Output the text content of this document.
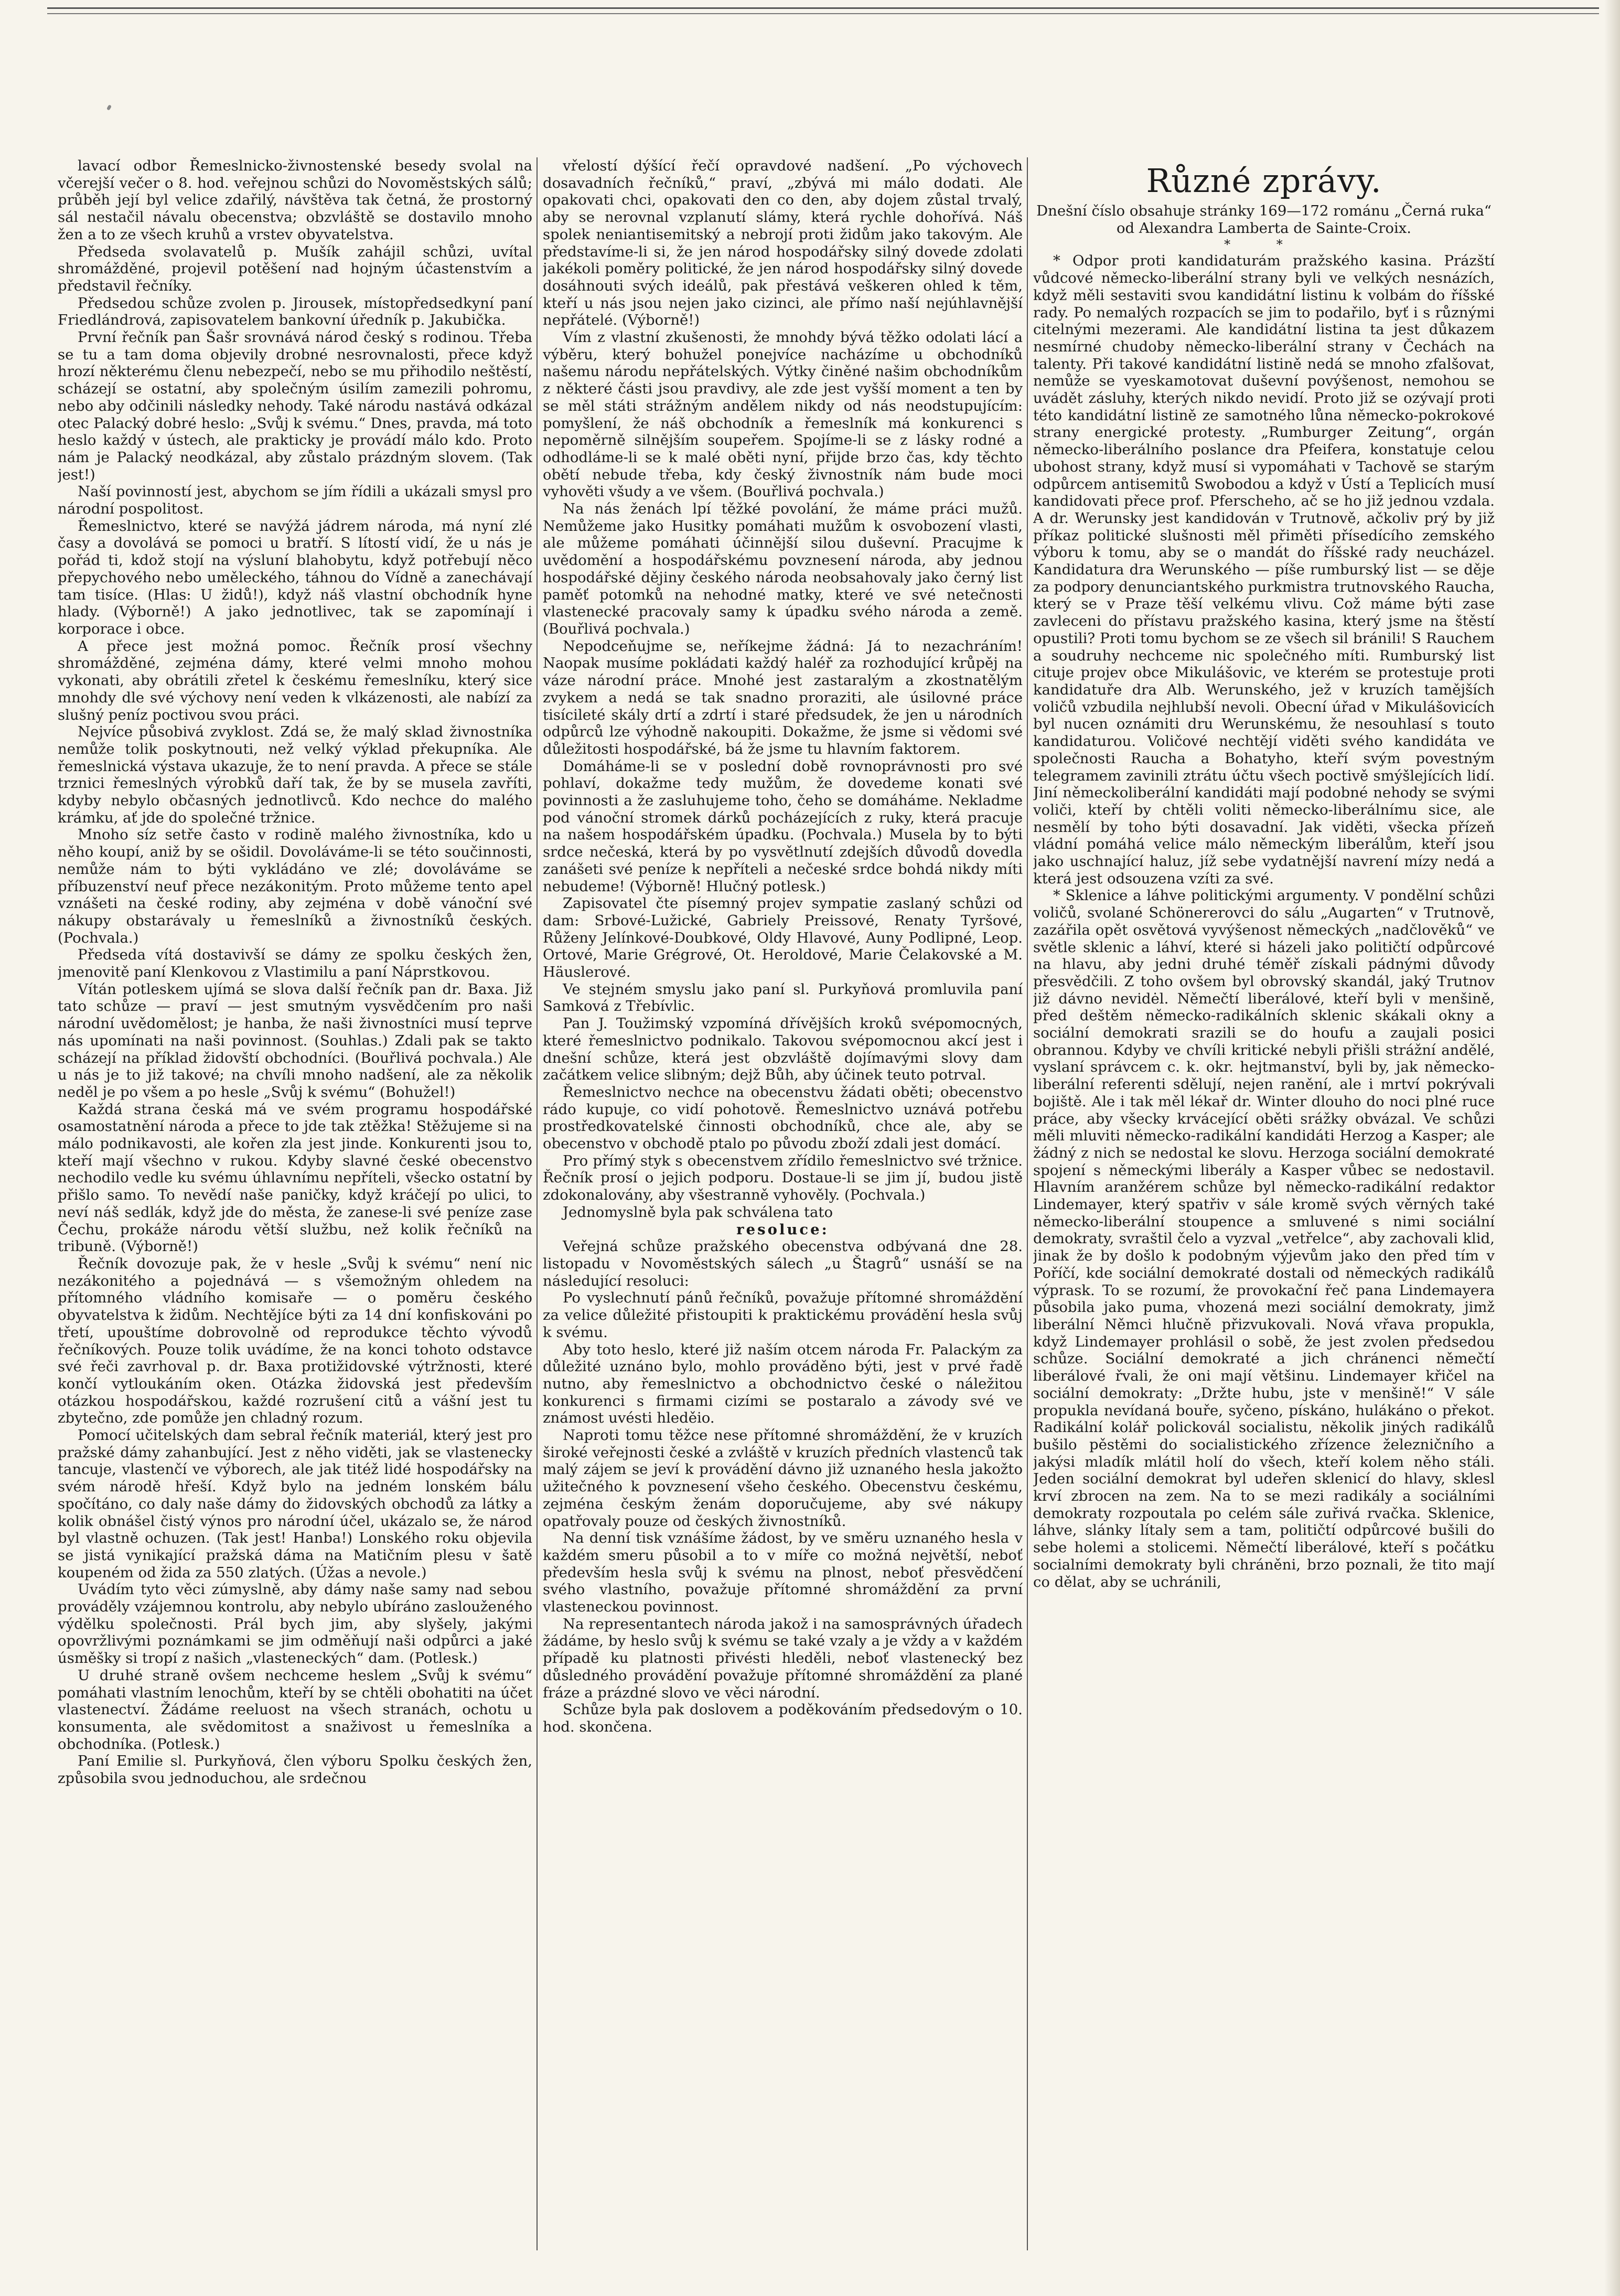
lavací odbor Řemeslnicko-živnostenské besedy svolal na včerejší večer o 8. hod. veřejnou schůzi do Novoměstských sálů; průběh její byl velice zdařilý, návštěva tak četná, že prostorný sál nestačil návalu obecenstva; obzvláště se dostavilo mnoho žen a to ze všech kruhů a vrstev obyvatelstva.

Předseda svolavatelů p. Mušík zahájil schůzi, uvítal shromážděné, projevil potěšení nad hojným účastenstvím a představil řečníky.

Předsedou schůze zvolen p. Jirousek, místopředsedkyní paní Friedlándrová, zapisovatelem bankovní úředník p. Jakubička.

První řečník pan Šašr srovnává národ český s rodinou. Třeba se tu a tam doma objevily drobné nesrovnalosti, přece když hrozí některému členu nebezpečí, nebo se mu přihodilo neštěstí, scházejí se ostatní, aby společným úsilím zamezili pohromu, nebo aby odčinili následky nehody. Také národu nastává odkázal otec Palacký dobré heslo: „Svůj k svému.“ Dnes, pravda, má toto heslo každý v ústech, ale prakticky je provádí málo kdo. Proto nám je Palacký neodkázal, aby zůstalo prázdným slovem. (Tak jest!)

Naší povinností jest, abychom se jím řídili a ukázali smysl pro národní pospolitost.

Řemeslnictvo, které se navýžá jádrem národa, má nyní zlé časy a dovolává se pomoci u bratří. S lítostí vidí, že u nás je pořád ti, kdož stojí na výsluní blahobytu, když potřebují něco přepychového nebo uměleckého, táhnou do Vídně a zanechávají tam tisíce. (Hlas: U židů!), když náš vlastní obchodník hyne hlady. (Výborně!) A jako jednotlivec, tak se zapomínají i korporace i obce.

A přece jest možná pomoc. Řečník prosí všechny shromážděné, zejména dámy, které velmi mnoho mohou vykonati, aby obrátili zřetel k českému řemeslníku, který sice mnohdy dle své výchovy není veden k vlkázenosti, ale nabízí za slušný peníz poctivou svou práci.

Nejvíce působivá zvyklost. Zdá se, že malý sklad živnostníka nemůže tolik poskytnouti, než velký výklad překupníka. Ale řemeslnická výstava ukazuje, že to není pravda. A přece se stále trznici řemeslných výrobků daří tak, že by se musela zavříti, kdyby nebylo občasných jednotlivců. Kdo nechce do malého krámku, ať jde do společné tržnice.

Mnoho síz setře často v rodině malého živnostníka, kdo u něho koupí, aniž by se ošidil. Dovoláváme-li se této součinnosti, nemůže nám to býti vykládáno ve zlé; dovoláváme se příbuzenství neuf přece nezákonitým. Proto můžeme tento apel vznášeti na české rodiny, aby zejména v době vánoční své nákupy obstarávaly u řemeslníků a živnostníků českých. (Pochvala.)

Předseda vítá dostavivší se dámy ze spolku českých žen, jmenovitě paní Klenkovou z Vlastimilu a paní Náprstkovou.

Vítán potleskem ujímá se slova další řečník pan dr. Baxa. Již tato schůze — praví — jest smutným vysvědčením pro naši národní uvědomělost; je hanba, že naši živnostníci musí teprve nás upomínati na naši povinnost. (Souhlas.) Zdali pak se takto scházejí na příklad židovští obchodníci. (Bouřlivá pochvala.) Ale u nás je to již takové; na chvíli mnoho nadšení, ale za několik neděl je po všem a po hesle „Svůj k svému“ (Bohužel!)

Každá strana česká má ve svém programu hospodářské osamostatnění národa a přece to jde tak ztěžka! Stěžujeme si na málo podnikavosti, ale kořen zla jest jinde. Konkurenti jsou to, kteří mají všechno v rukou. Kdyby slavné české obecenstvo nechodilo vedle ku svému úhlavnímu nepříteli, všecko ostatní by přišlo samo. To nevědí naše paničky, když kráčejí po ulici, to neví náš sedlák, když jde do města, že zanese-li své peníze zase Čechu, prokáže národu větší službu, než kolik řečníků na tribuně. (Výborně!)

Řečník dovozuje pak, že v hesle „Svůj k svému“ není nic nezákonitého a pojednává — s všemožným ohledem na přítomného vládního komisaře — o poměru českého obyvatelstva k židům. Nechtějíce býti za 14 dní konfiskováni po třetí, upouštíme dobrovolně od reprodukce těchto vývodů řečníkových. Pouze tolik uvádíme, že na konci tohoto odstavce své řeči zavrhoval p. dr. Baxa protižidovské výtržnosti, které končí vytloukáním oken. Otázka židovská jest především otázkou hospodářskou, každé rozrušení citů a vášní jest tu zbytečno, zde pomůže jen chladný rozum.

Pomocí učitelských dam sebral řečník materiál, který jest pro pražské dámy zahanbující. Jest z něho viděti, jak se vlastenecky tancuje, vlastenčí ve výborech, ale jak titéž lidé hospodářsky na svém národě hřeší. Když bylo na jedném lonském bálu spočítáno, co daly naše dámy do židovských obchodů za látky a kolik obnášel čistý výnos pro národní účel, ukázalo se, že národ byl vlastně ochuzen. (Tak jest! Hanba!) Lonského roku objevila se jistá vynikající pražská dáma na Matičním plesu v šatě koupeném od žida za 550 zlatých. (Úžas a nevole.)

Uvádím tyto věci zúmyslně, aby dámy naše samy nad sebou prováděly vzájemnou kontrolu, aby nebylo ubíráno zaslouženého výdělku společnosti. Prál bych jim, aby slyšely, jakými opovržlivými poznámkami se jim odměňují naši odpůrci a jaké úsměšky si tropí z našich „vlasteneckých“ dam. (Potlesk.)

U druhé straně ovšem nechceme heslem „Svůj k svému“ pomáhati vlastním lenochům, kteří by se chtěli obohatiti na účet vlastenectví. Žádáme reeluost na všech stranách, ochotu u konsumenta, ale svědomitost a snaživost u řemeslníka a obchodníka. (Potlesk.)

Paní Emilie sl. Purkyňová, člen výboru Spolku českých žen, způsobila svou jednoduchou, ale srdečnou

vřelostí dýšící řečí opravdové nadšení. „Po výchovech dosavadních řečníků,“ praví, „zbývá mi málo dodati. Ale opakovati chci, opakovati den co den, aby dojem zůstal trvalý, aby se nerovnal vzplanutí slámy, která rychle dohořívá. Náš spolek neniantisemitský a nebrojí proti židům jako takovým. Ale představíme-li si, že jen národ hospodářsky silný dovede zdolati jakékoli poměry politické, že jen národ hospodářsky silný dovede dosáhnouti svých ideálů, pak přestává veškeren ohled k těm, kteří u nás jsou nejen jako cizinci, ale přímo naší nejúhlavnější nepřátelé. (Výborně!)

Vím z vlastní zkušenosti, že mnohdy bývá těžko odolati lácí a výběru, který bohužel ponejvíce nacházíme u obchodníků našemu národu nepřátelských. Výtky činěné našim obchodníkům z některé části jsou pravdivy, ale zde jest vyšší moment a ten by se měl státi strážným andělem nikdy od nás neodstupujícím: pomyšlení, že náš obchodník a řemeslník má konkurenci s nepoměrně silnějším soupeřem. Spojíme-li se z lásky rodné a odhodláme-li se k malé oběti nyní, přijde brzo čas, kdy těchto obětí nebude třeba, kdy český živnostník nám bude moci vyhověti všudy a ve všem. (Bouřlivá pochvala.)

Na nás ženách lpí těžké povolání, že máme práci mužů. Nemůžeme jako Husitky pomáhati mužům k osvobození vlasti, ale můžeme pomáhati účinnější silou duševní. Pracujme k uvědomění a hospodářskému povznesení národa, aby jednou hospodářské dějiny českého národa neobsahovaly jako černý list paměť potomků na nehodné matky, které ve své netečnosti vlastenecké pracovaly samy k úpadku svého národa a země. (Bouřlivá pochvala.)

Nepodceňujme se, neříkejme žádná: Já to nezachráním! Naopak musíme pokládati každý haléř za rozhodující krůpěj na váze národní práce. Mnohé jest zastaralým a zkostnatělým zvykem a nedá se tak snadno proraziti, ale úsilovné práce tisícileté skály drtí a zdrtí i staré předsudek, že jen u národních odpůrců lze výhodně nakoupiti. Dokažme, že jsme si vědomi své důležitosti hospodářské, bá že jsme tu hlavním faktorem.

Domáháme-li se v poslední době rovnoprávnosti pro své pohlaví, dokažme tedy mužům, že dovedeme konati své povinnosti a že zasluhujeme toho, čeho se domáháme. Nekladme pod vánoční stromek dárků pocházejících z ruky, která pracuje na našem hospodářském úpadku. (Pochvala.) Musela by to býti srdce nečeská, která by po vysvětlnutí zdejších důvodů dovedla zanášeti své peníze k nepříteli a nečeské srdce bohdá nikdy míti nebudeme! (Výborně! Hlučný potlesk.)

Zapisovatel čte písemný projev sympatie zaslaný schůzi od dam: Srbové-Lužické, Gabriely Preissové, Renaty Tyršové, Růženy Jelínkové-Doubkové, Oldy Hlavové, Auny Podlipné, Leop. Ortové, Marie Grégrové, Ot. Heroldové, Marie Čelakovské a M. Häuslerové.

Ve stejném smyslu jako paní sl. Purkyňová promluvila paní Samková z Třebívlic.

Pan J. Toužimský vzpomíná dřívějších kroků svépomocných, které řemeslnictvo podnikalo. Takovou svépomocnou akcí jest i dnešní schůze, která jest obzvláště dojímavými slovy dam začátkem velice slibným; dejž Bůh, aby účinek teuto potrval.

Řemeslnictvo nechce na obecenstvu žádati oběti; obecenstvo rádo kupuje, co vidí pohotově. Řemeslnictvo uznává potřebu prostředkovatelské činnosti obchodníků, chce ale, aby se obecenstvo v obchodě ptalo po původu zboží zdali jest domácí.

Pro přímý styk s obecenstvem zřídilo řemeslnictvo své tržnice. Řečník prosí o jejich podporu. Dostaue-li se jim jí, budou jistě zdokonalovány, aby všestranně vyhověly. (Pochvala.)

Jednomyslně byla pak schválena tato

resoluce:

Veřejná schůze pražského obecenstva odbývaná dne 28. listopadu v Novoměstských sálech „u Štagrů“ usnáší se na následující resoluci:

Po vyslechnutí pánů řečníků, považuje přítomné shromáždění za velice důležité přistoupiti k praktickému provádění hesla svůj k svému.

Aby toto heslo, které již naším otcem národa Fr. Palackým za důležité uznáno bylo, mohlo prováděno býti, jest v prvé řadě nutno, aby řemeslnictvo a obchodnictvo české o náležitou konkurenci s firmami cizími se postaralo a závody své ve známost uvésti hleděio.

Naproti tomu těžce nese přítomné shromáždění, že v kruzích široké veřejnosti české a zvláště v kruzích předních vlastenců tak malý zájem se jeví k provádění dávno již uznaného hesla jakožto užitečného k povznesení všeho českého. Obecenstvu českému, zejména českým ženám doporučujeme, aby své nákupy opatřovaly pouze od českých živnostníků.

Na denní tisk vznášíme žádost, by ve směru uznaného hesla v každém smeru působil a to v míře co možná největší, neboť především hesla svůj k svému na plnost, neboť přesvědčení svého vlastního, považuje přítomné shromáždění za první vlasteneckou povinnost.

Na representantech národa jakož i na samosprávných úřadech žádáme, by heslo svůj k svému se také vzaly a je vždy a v každém případě ku platnosti přivésti hleděli, neboť vlastenecký bez důsledného provádění považuje přítomné shromáždění za plané fráze a prázdné slovo ve věci národní.

Schůze byla pak doslovem a poděkováním předsedovým o 10. hod. skončena.

Různé zprávy.

Dnešní číslo obsahuje stránky 169—172 románu „Černá ruka“ od Alexandra Lamberta de Sainte-Croix.

* *

* Odpor proti kandidaturám pražského kasina. Prázští vůdcové německo-liberální strany byli ve velkých nesnázích, když měli sestaviti svou kandidátní listinu k volbám do říšské rady. Po nemalých rozpacích se jim to podařilo, byť i s různými citelnými mezerami. Ale kandidátní listina ta jest důkazem nesmírné chudoby německo-liberální strany v Čechách na talenty. Při takové kandidátní listině nedá se mnoho zfalšovat, nemůže se vyeskamotovat duševní povýšenost, nemohou se uvádět zásluhy, kterých nikdo nevidí. Proto již se ozývají proti této kandidátní listině ze samotného lůna německo-pokrokové strany energické protesty. „Rumburger Zeitung“, orgán německo-liberálního poslance dra Pfeifera, konstatuje celou ubohost strany, když musí si vypomáhati v Tachově se starým odpůrcem antisemitů Swobodou a když v Ústí a Teplicích musí kandidovati přece prof. Pferscheho, ač se ho již jednou vzdala. A dr. Werunsky jest kandidován v Trutnově, ačkoliv prý by již příkaz politické slušnosti měl přiměti přísedícího zemského výboru k tomu, aby se o mandát do říšské rady neucházel. Kandidatura dra Werunského — píše rumburský list — se děje za podpory denunciantského purkmistra trutnovského Raucha, který se v Praze těší velkému vlivu. Což máme býti zase zavleceni do přístavu pražského kasina, který jsme na štěstí opustili? Proti tomu bychom se ze všech sil bránili! S Rauchem a soudruhy nechceme nic společného míti. Rumburský list cituje projev obce Mikulášovic, ve kterém se protestuje proti kandidatuře dra Alb. Werunského, jež v kruzích tamějších voličů vzbudila nejhlubší nevoli. Obecní úřad v Mikulášovicích byl nucen oznámiti dru Werunskému, že nesouhlasí s touto kandidaturou. Voličové nechtějí viděti svého kandidáta ve společnosti Raucha a Bohatyho, kteří svým povestným telegramem zavinili ztrátu účtu všech poctivě smýšlejících lidí. Jiní německoliberální kandidáti mají podobné nehody se svými voliči, kteří by chtěli voliti německo-liberálnímu sice, ale nesmělí by toho býti dosavadní. Jak viděti, všecka přízeň vládní pomáhá velice málo německým liberálům, kteří jsou jako uschnající haluz, jíž sebe vydatnější navrení mízy nedá a která jest odsouzena vzíti za své.

* Sklenice a láhve politickými argumenty. V pondělní schůzi voličů, svolané Schönererovci do sálu „Augarten“ v Trutnově, zazářila opět osvětová vyvýšenost německých „nadčlověků“ ve světle sklenic a láhví, které si házeli jako političtí odpůrcové na hlavu, aby jedni druhé téměř získali pádnými důvody přesvědčili. Z toho ovšem byl obrovský skandál, jaký Trutnov již dávno nevidėl. Němečtí liberálové, kteří byli v menšině, před deštěm německo-radikálních sklenic skákali okny a sociální demokrati srazili se do houfu a zaujali posici obrannou. Kdyby ve chvíli kritické nebyli přišli strážní andělé, vyslaní správcem c. k. okr. hejtmanství, byli by, jak německo-liberální referenti sdělují, nejen ranění, ale i mrtví pokrývali bojiště. Ale i tak měl lékař dr. Winter dlouho do noci plné ruce práce, aby všecky krvácející oběti srážky obvázal. Ve schůzi měli mluviti německo-radikální kandidáti Herzog a Kasper; ale žádný z nich se nedostal ke slovu. Herzoga sociální demokraté spojení s německými liberály a Kasper vůbec se nedostavil. Hlavním aranžérem schůze byl německo-radikální redaktor Lindemayer, který spatřiv v sále kromě svých věrných také německo-liberální stoupence a smluvené s nimi sociální demokraty, svraštil čelo a vyzval „vetřelce“, aby zachovali klid, jinak že by došlo k podobným výjevům jako den před tím v Poříčí, kde sociální demokraté dostali od německých radikálů výprask. To se rozumí, že provokační řeč pana Lindemayera působila jako puma, vhozená mezi sociální demokraty, jimž liberální Němci hlučně přizvukovali. Nová vřava propukla, když Lindemayer prohlásil o sobě, že jest zvolen předsedou schůze. Sociální demokraté a jich chránenci němečtí liberálové řvali, že oni mají většinu. Lindemayer křičel na sociální demokraty: „Držte hubu, jste v menšině!“ V sále propukla nevídaná bouře, syčeno, pískáno, hulákáno o překot. Radikální kolář polickovál socialistu, několik jiných radikálů bušilo pěstěmi do socialistického zřízence železničního a jakýsi mladík mlátil holí do všech, kteří kolem něho stáli. Jeden sociální demokrat byl udeřen sklenicí do hlavy, sklesl krví zbrocen na zem. Na to se mezi radikály a sociálními demokraty rozpoutala po celém sále zuřivá rvačka. Sklenice, láhve, slánky lítaly sem a tam, političtí odpůrcové bušili do sebe holemi a stolicemi. Němečtí liberálové, kteří s počátku socialními demokraty byli chráněni, brzo poznali, že tito mají co dělat, aby se uchránili,
